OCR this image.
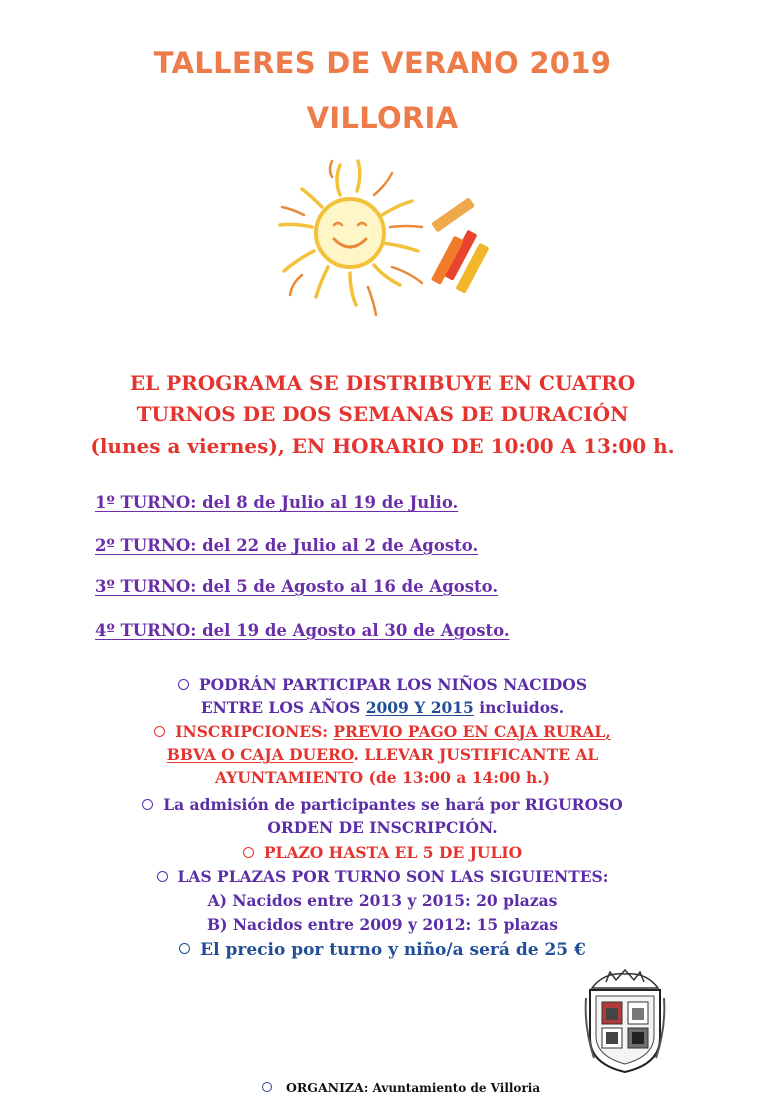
TALLERES DE VERANO 2019
VILLORIA
EL PROGRAMA SE DISTRIBUYE EN CUATRO
TURNOS DE DOS SEMANAS DE DURACIÓN
(lunes a viernes), EN HORARIO DE 10:00 A 13:00 h.
1º TURNO: del 8 de Julio al 19 de Julio.
2º TURNO: del 22 de Julio al 2 de Agosto.
3º TURNO: del 5 de Agosto al 16 de Agosto.
4º TURNO: del 19 de Agosto al 30 de Agosto.
PODRÁN PARTICIPAR LOS NIÑOS NACIDOS
ENTRE LOS AÑOS 2009 Y 2015 incluidos.
INSCRIPCIONES: PREVIO PAGO EN CAJA RURAL,
BBVA O CAJA DUERO. LLEVAR JUSTIFICANTE AL
AYUNTAMIENTO (de 13:00 a 14:00 h.)
La admisión de participantes se hará por RIGUROSO
ORDEN DE INSCRIPCIÓN.
PLAZO HASTA EL 5 DE JULIO
LAS PLAZAS POR TURNO SON LAS SIGUIENTES:
A) Nacidos entre 2013 y 2015: 20 plazas
B) Nacidos entre 2009 y 2012: 15 plazas
El precio por turno y niño/a será de 25 €
ORGANIZA: Avuntamiento de Villoria
